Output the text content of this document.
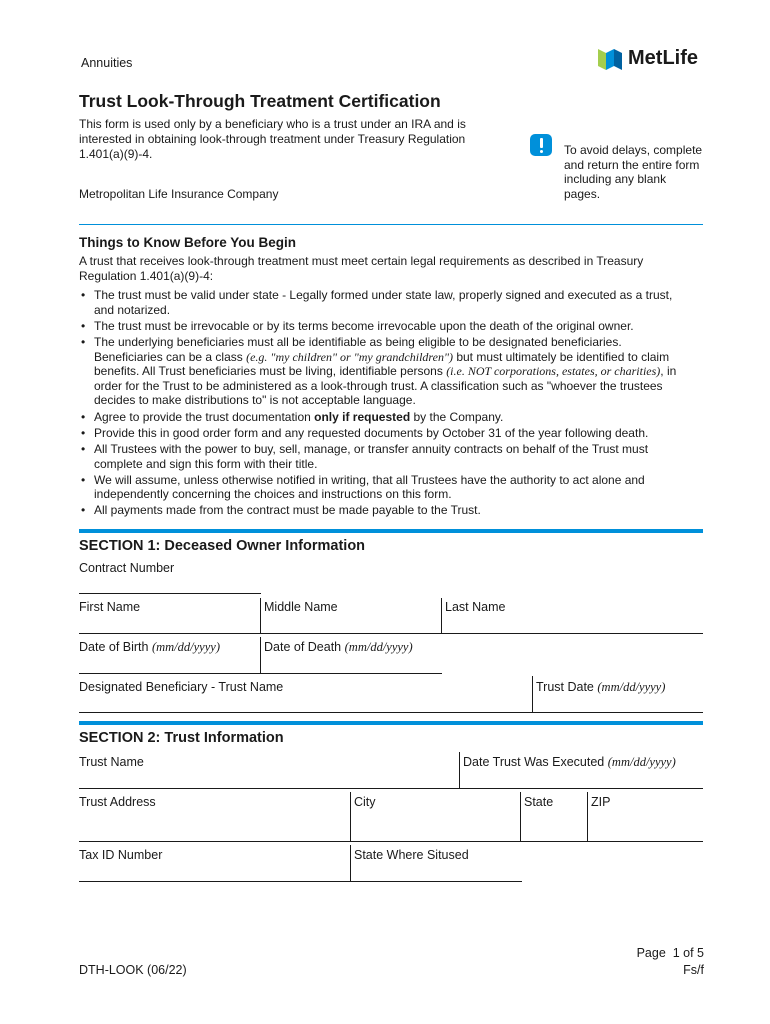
Annuities	MetLife
Trust Look-Through Treatment Certification
This form is used only by a beneficiary who is a trust under an IRA and is interested in obtaining look-through treatment under Treasury Regulation 1.401(a)(9)-4.
Metropolitan Life Insurance Company
To avoid delays, complete and return the entire form including any blank pages.
Things to Know Before You Begin
A trust that receives look-through treatment must meet certain legal requirements as described in Treasury Regulation 1.401(a)(9)-4:
• The trust must be valid under state - Legally formed under state law, properly signed and executed as a trust, and notarized.
• The trust must be irrevocable or by its terms become irrevocable upon the death of the original owner.
• The underlying beneficiaries must all be identifiable as being eligible to be designated beneficiaries. Beneficiaries can be a class (e.g. "my children" or "my grandchildren") but must ultimately be identified to claim benefits. All Trust beneficiaries must be living, identifiable persons (i.e. NOT corporations, estates, or charities), in order for the Trust to be administered as a look-through trust. A classification such as "whoever the trustees decides to make distributions to" is not acceptable language.
• Agree to provide the trust documentation only if requested by the Company.
• Provide this in good order form and any requested documents by October 31 of the year following death.
• All Trustees with the power to buy, sell, manage, or transfer annuity contracts on behalf of the Trust must complete and sign this form with their title.
• We will assume, unless otherwise notified in writing, that all Trustees have the authority to act alone and independently concerning the choices and instructions on this form.
• All payments made from the contract must be made payable to the Trust.
SECTION 1: Deceased Owner Information
Contract Number
First Name	Middle Name	Last Name
Date of Birth (mm/dd/yyyy)	Date of Death (mm/dd/yyyy)
Designated Beneficiary - Trust Name	Trust Date (mm/dd/yyyy)
SECTION 2: Trust Information
Trust Name	Date Trust Was Executed (mm/dd/yyyy)
Trust Address	City	State	ZIP
Tax ID Number	State Where Sitused
DTH-LOOK (06/22)
Page  1 of 5
Fs/f
